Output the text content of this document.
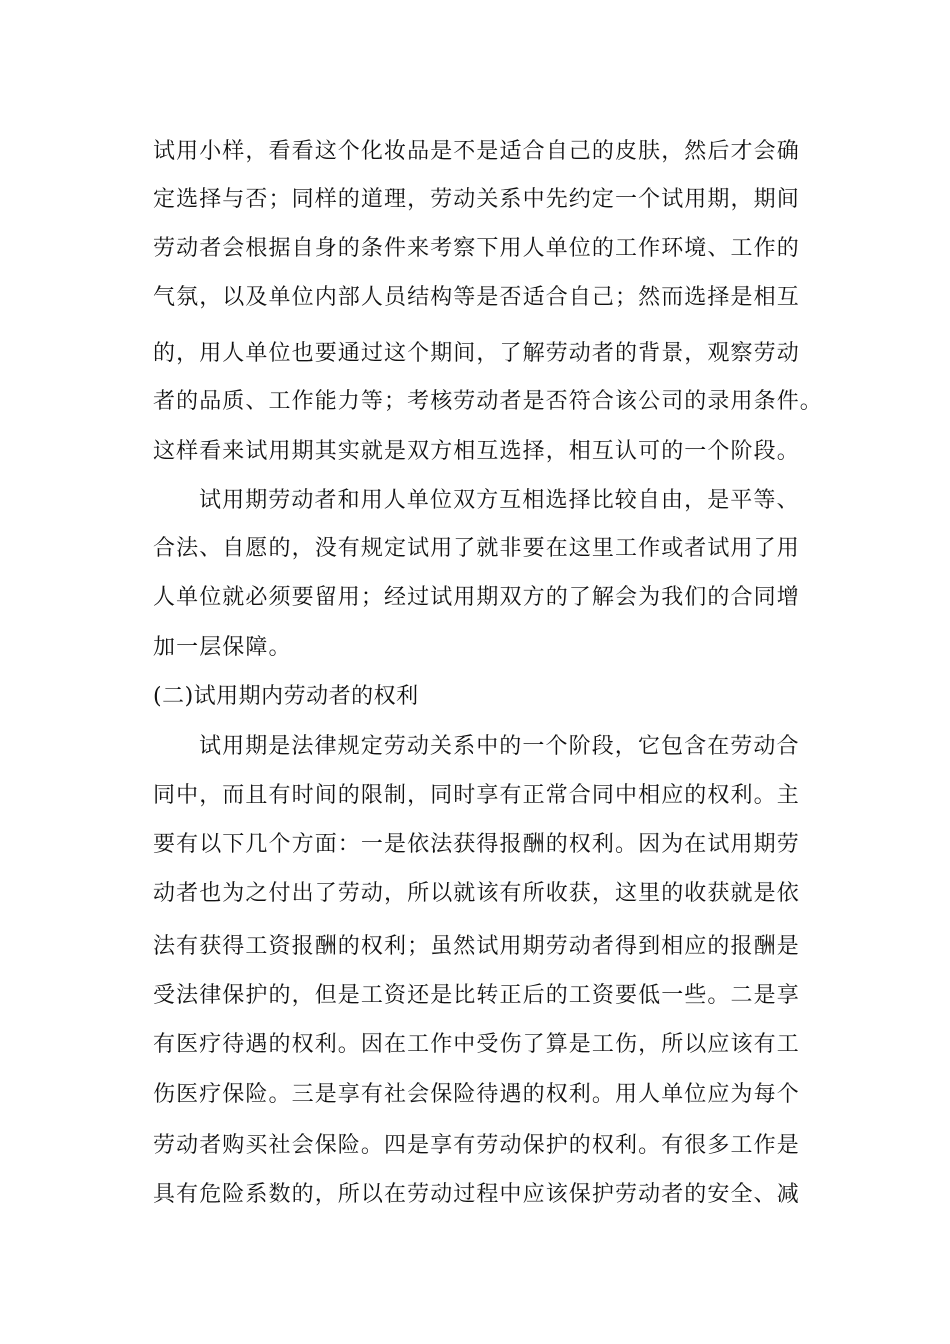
试用小样，看看这个化妆品是不是适合自己的皮肤，然后才会确
定选择与否；同样的道理，劳动关系中先约定一个试用期，期间
劳动者会根据自身的条件来考察下用人单位的工作环境、工作的
气氛，以及单位内部人员结构等是否适合自己；然而选择是相互
的，用人单位也要通过这个期间，了解劳动者的背景，观察劳动
者的品质、工作能力等；考核劳动者是否符合该公司的录用条件。
这样看来试用期其实就是双方相互选择，相互认可的一个阶段。
试用期劳动者和用人单位双方互相选择比较自由，是平等、
合法、自愿的，没有规定试用了就非要在这里工作或者试用了用
人单位就必须要留用；经过试用期双方的了解会为我们的合同增
加一层保障。
(二)试用期内劳动者的权利
试用期是法律规定劳动关系中的一个阶段，它包含在劳动合
同中，而且有时间的限制，同时享有正常合同中相应的权利。主
要有以下几个方面：一是依法获得报酬的权利。因为在试用期劳
动者也为之付出了劳动，所以就该有所收获，这里的收获就是依
法有获得工资报酬的权利；虽然试用期劳动者得到相应的报酬是
受法律保护的，但是工资还是比转正后的工资要低一些。二是享
有医疗待遇的权利。因在工作中受伤了算是工伤，所以应该有工
伤医疗保险。三是享有社会保险待遇的权利。用人单位应为每个
劳动者购买社会保险。四是享有劳动保护的权利。有很多工作是
具有危险系数的，所以在劳动过程中应该保护劳动者的安全、减
